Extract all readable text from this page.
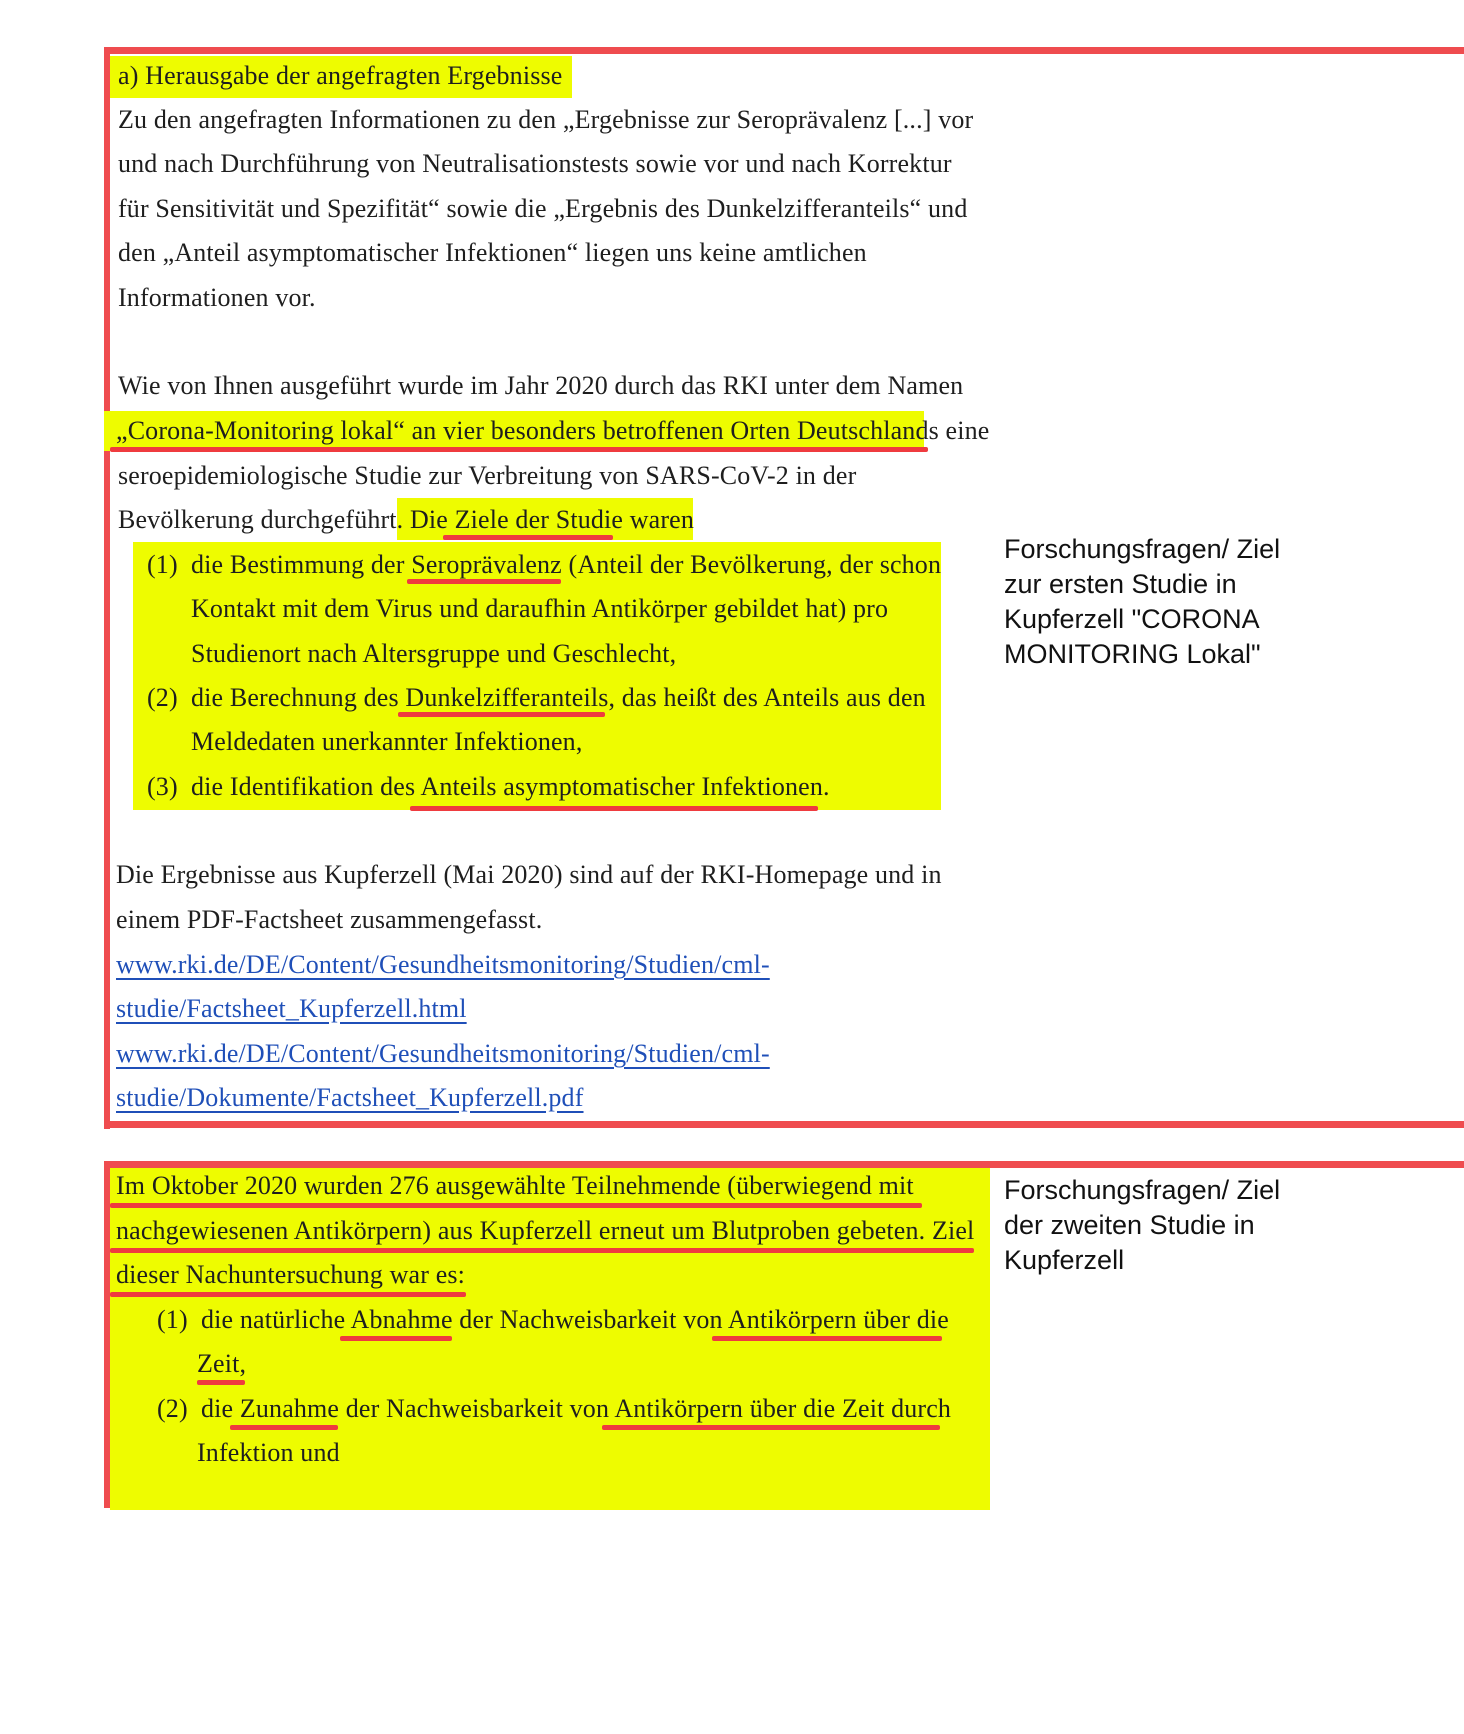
a) Herausgabe der angefragten Ergebnisse
Zu den angefragten Informationen zu den „Ergebnisse zur Seroprävalenz [...] vor
und nach Durchführung von Neutralisationstests sowie vor und nach Korrektur
für Sensitivität und Spezifität“ sowie die „Ergebnis des Dunkelzifferanteils“ und
den „Anteil asymptomatischer Infektionen“ liegen uns keine amtlichen
Informationen vor.
Wie von Ihnen ausgeführt wurde im Jahr 2020 durch das RKI unter dem Namen
„Corona-Monitoring lokal“ an vier besonders betroffenen Orten Deutschlands eine
seroepidemiologische Studie zur Verbreitung von SARS-CoV-2 in der
Bevölkerung durchgeführt. Die Ziele der Studie waren
(1) die Bestimmung der Seroprävalenz (Anteil der Bevölkerung, der schon
Kontakt mit dem Virus und daraufhin Antikörper gebildet hat) pro
Studienort nach Altersgruppe und Geschlecht,
(2) die Berechnung des Dunkelzifferanteils, das heißt des Anteils aus den
Meldedaten unerkannter Infektionen,
(3) die Identifikation des Anteils asymptomatischer Infektionen.
Die Ergebnisse aus Kupferzell (Mai 2020) sind auf der RKI-Homepage und in
einem PDF-Factsheet zusammengefasst.
www.rki.de/DE/Content/Gesundheitsmonitoring/Studien/cml-
studie/Factsheet_Kupferzell.html
www.rki.de/DE/Content/Gesundheitsmonitoring/Studien/cml-
studie/Dokumente/Factsheet_Kupferzell.pdf
Forschungsfragen/ Ziel
zur ersten Studie in
Kupferzell "CORONA
MONITORING Lokal"
Im Oktober 2020 wurden 276 ausgewählte Teilnehmende (überwiegend mit
nachgewiesenen Antikörpern) aus Kupferzell erneut um Blutproben gebeten. Ziel
dieser Nachuntersuchung war es:
(1) die natürliche Abnahme der Nachweisbarkeit von Antikörpern über die
Zeit,
(2) die Zunahme der Nachweisbarkeit von Antikörpern über die Zeit durch
Infektion und
Forschungsfragen/ Ziel
der zweiten Studie in
Kupferzell
